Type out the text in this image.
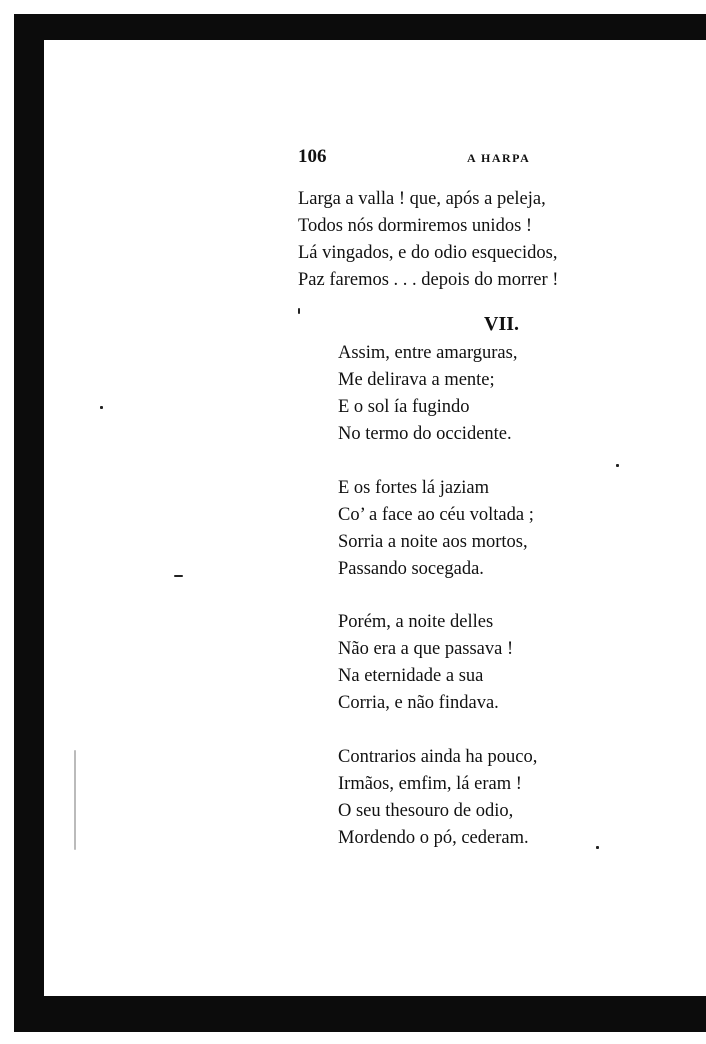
106	A HARPA
Larga a valla ! que, após a peleja,
Todos nós dormiremos unidos !
Lá vingados, e do odio esquecidos,
Paz faremos . . . depois do morrer !
VII.
Assim, entre amarguras,
Me delirava a mente;
E o sol ía fugindo
No termo do occidente.
E os fortes lá jaziam
Co’ a face ao céu voltada ;
Sorria a noite aos mortos,
Passando socegada.
Porém, a noite delles
Não era a que passava !
Na eternidade a sua
Corria, e não findava.
Contrarios ainda ha pouco,
Irmãos, emfim, lá eram !
O seu thesouro de odio,
Mordendo o pó, cederam.
